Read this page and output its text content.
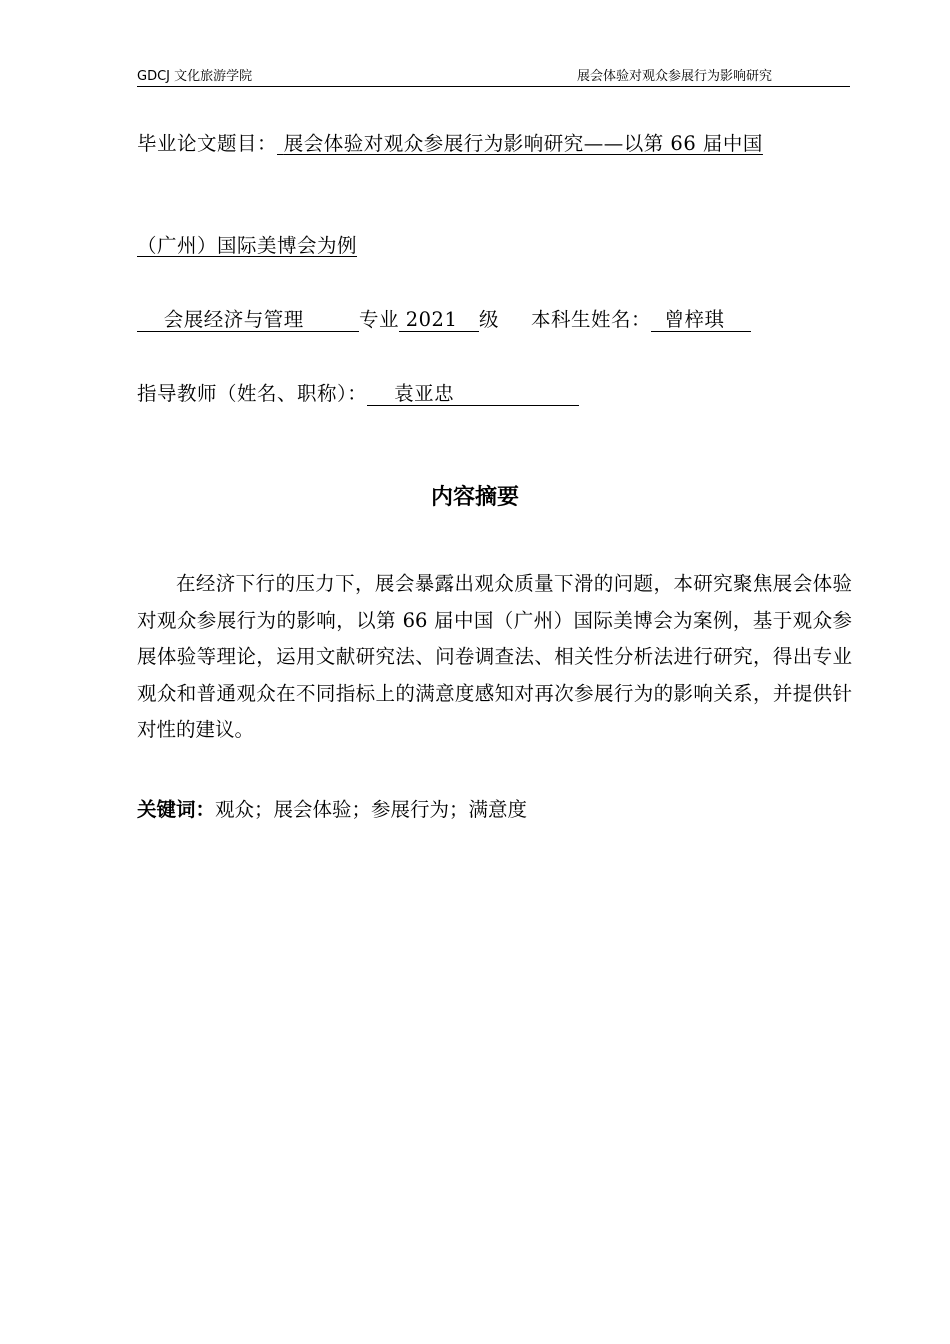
GDCJ 文化旅游学院	展会体验对观众参展行为影响研究
毕业论文题目： 展会体验对观众参展行为影响研究——以第 66 届中国
（广州）国际美博会为例
会展经济与管理	专业 2021 级 本科生姓名： 曾梓琪
指导教师（姓名、职称）： 袁亚忠
内容摘要

在经济下行的压力下，展会暴露出观众质量下滑的问题，本研究聚焦展会体验对观众参展行为的影响，以第 66 届中国（广州）国际美博会为案例，基于观众参展体验等理论，运用文献研究法、问卷调查法、相关性分析法进行研究，得出专业观众和普通观众在不同指标上的满意度感知对再次参展行为的影响关系，并提供针对性的建议。

关键词：观众；展会体验；参展行为；满意度
